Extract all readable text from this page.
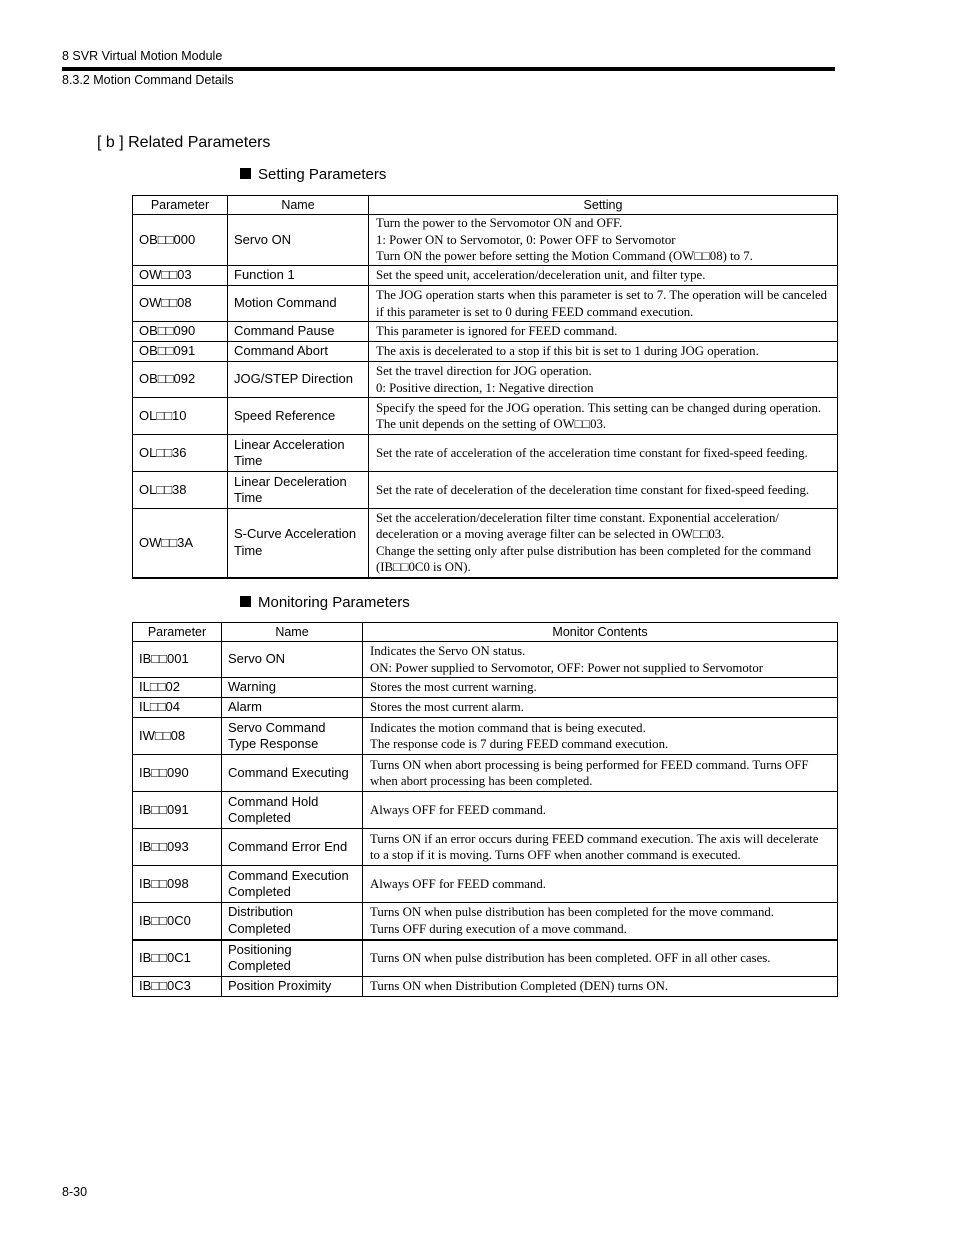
8 SVR Virtual Motion Module
8.3.2 Motion Command Details
[ b ] Related Parameters
Setting Parameters
Parameter	Name	Setting
OB□□000	Servo ON	Turn the power to the Servomotor ON and OFF.
1: Power ON to Servomotor, 0: Power OFF to Servomotor
Turn ON the power before setting the Motion Command (OW□□08) to 7.
OW□□03	Function 1	Set the speed unit, acceleration/deceleration unit, and filter type.
OW□□08	Motion Command	The JOG operation starts when this parameter is set to 7. The operation will be canceled if this parameter is set to 0 during FEED command execution.
OB□□090	Command Pause	This parameter is ignored for FEED command.
OB□□091	Command Abort	The axis is decelerated to a stop if this bit is set to 1 during JOG operation.
OB□□092	JOG/STEP Direction	Set the travel direction for JOG operation.
0: Positive direction, 1: Negative direction
OL□□10	Speed Reference	Specify the speed for the JOG operation. This setting can be changed during operation. The unit depends on the setting of OW□□03.
OL□□36	Linear Acceleration Time	Set the rate of acceleration of the acceleration time constant for fixed-speed feeding.
OL□□38	Linear Deceleration Time	Set the rate of deceleration of the deceleration time constant for fixed-speed feeding.
OW□□3A	S-Curve Acceleration Time	Set the acceleration/deceleration filter time constant. Exponential acceleration/ deceleration or a moving average filter can be selected in OW□□03.
Change the setting only after pulse distribution has been completed for the command (IB□□0C0 is ON).
Monitoring Parameters
Parameter	Name	Monitor Contents
IB□□001	Servo ON	Indicates the Servo ON status.
ON: Power supplied to Servomotor, OFF: Power not supplied to Servomotor
IL□□02	Warning	Stores the most current warning.
IL□□04	Alarm	Stores the most current alarm.
IW□□08	Servo Command Type Response	Indicates the motion command that is being executed.
The response code is 7 during FEED command execution.
IB□□090	Command Executing	Turns ON when abort processing is being performed for FEED command. Turns OFF when abort processing has been completed.
IB□□091	Command Hold Completed	Always OFF for FEED command.
IB□□093	Command Error End	Turns ON if an error occurs during FEED command execution. The axis will decelerate to a stop if it is moving. Turns OFF when another command is executed.
IB□□098	Command Execution Completed	Always OFF for FEED command.
IB□□0C0	Distribution Completed	Turns ON when pulse distribution has been completed for the move command.
Turns OFF during execution of a move command.
IB□□0C1	Positioning Completed	Turns ON when pulse distribution has been completed. OFF in all other cases.
IB□□0C3	Position Proximity	Turns ON when Distribution Completed (DEN) turns ON.
8-30
